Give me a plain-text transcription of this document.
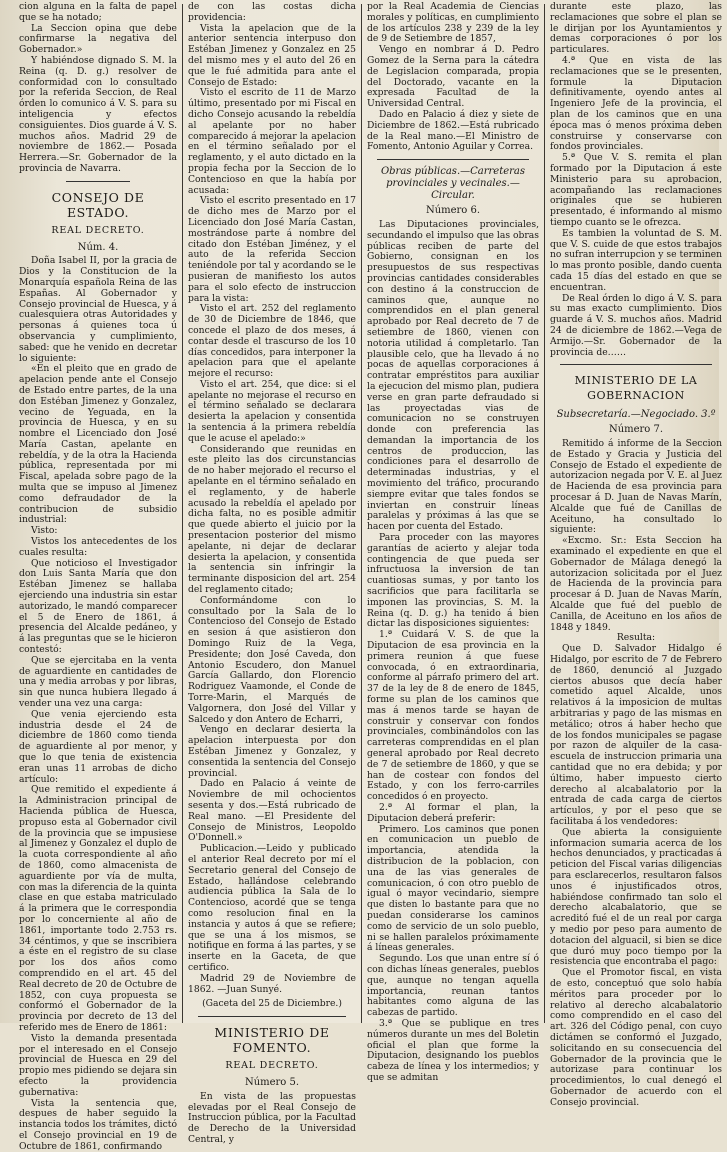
cion alguna en la falta de papel que se ha notado;

La Seccion opina que debe confirmarse la negativa del Gobernador.»

Y habiéndose dignado S. M. la Reina (q. D. g.) resolver de conformidad con lo consultado por la referida Seccion, de Real órden lo comunico á V. S. para su inteligencia y efectos consiguientes. Dios guarde á V. S. muchos años. Madrid 29 de noviembre de 1862.— Posada Herrera.—Sr. Gobernador de la provincia de Navarra.

CONSEJO DE ESTADO.
REAL DECRETO.
Núm. 4.

Doña Isabel II, por la gracia de Dios y la Constitucion de la Monarquía española Reina de las Españas. Al Gobernador y Consejo provincial de Huesca, y á cualesquiera otras Autoridades y personas á quienes toca ú observancia y cumplimiento, sabed: que he venido en decretar lo siguiente:

«En el pleito que en grado de apelacion pende ante el Consejo de Estado entre partes, de la una don Estéban Jimenez y Gonzalez, vecino de Yeguada, en la provincia de Huesca, y en su nombre el Licenciado don José María Castan, apelante en rebeldía, y de la otra la Hacienda pública, representada por mi Fiscal, apelada sobre pago de la multa que se impuso al Jimenez como defraudador de la contribucion de subsidio industrial:

Visto:

Vistos los antecedentes de los cuales resulta:

Que noticioso el Investigador don Luis Santa María que don Estéban Jimenez se hallaba ejerciendo una industria sin estar autorizado, le mandó comparecer el 5 de Enero de 1861, á presencia del Alcalde pedáneo, y á las preguntas que se le hicieron contestó:

Que se ejercitaba en la venta de aguardiente en cantidades de una y media arrobas y por libras, sin que nunca hubiera llegado á vender una vez una carga:

Que venia ejerciendo esta industria desde el 24 de diciembre de 1860 como tienda de aguardiente al por menor, y que lo que tenia de existencia eran unas 11 arrobas de dicho artículo:

Que remitido el expediente á la Administracion principal de Hacienda pública de Huesca, propuso esta al Gobernador civil de la provincia que se impusiese al Jimenez y Gonzalez el duplo de la cuota correspondiente al año de 1860, como almacenista de aguardiente por vía de multa, con mas la diferencia de la quinta clase en que estaba matriculado á la primera que le correspondia por lo concerniente al año de 1861, importante todo 2.753 rs. 34 céntimos, y que se inscribiera a éste en el registro de su clase por los dos años como comprendido en el art. 45 del Real decreto de 20 de Octubre de 1852, con cuya propuesta se conformó el Gobernador de la provincia por decreto de 13 del referido mes de Enero de 1861:

Visto la demanda presentada por el interesado en el Consejo provincial de Huesca en 29 del propio mes pidiendo se dejara sin efecto la providencia gubernativa:

Vista la sentencia que, despues de haber seguido la instancia todos los trámites, dictó el Consejo provincial en 19 de Octubre de 1861, confirmando

de con las costas dicha providencia:

Vista la apelacion que de la anterior sentencia interpuso don Estéban Jimenez y Gonzalez en 25 del mismo mes y el auto del 26 en que le fué admitida para ante el Consejo de Estado:

Visto el escrito de 11 de Marzo último, presentado por mi Fiscal en dicho Consejo acusando la rebeldía al apelante por no haber comparecido á mejorar la apelacion en el término señalado por el reglamento, y el auto dictado en la propia fecha por la Seccion de lo Contencioso en que la había por acusada:

Visto el escrito presentado en 17 de dicho mes de Marzo por el Licenciado don José María Castan, mostrándose parte á nombre del citado don Estéban Jiménez, y el auto de la referida Seccion teniéndole por tal y acordando se le pusieran de manifiesto los autos para el solo efecto de instruccion para la vista:

Visto el art. 252 del reglamento de 30 de Diciembre de 1846, que concede el plazo de dos meses, á contar desde el trascurso de los 10 días concedidos, para interponer la apelacion para que el apelante mejore el recurso:

Visto el art. 254, que dice: si el apelante no mejorase el recurso en el término señalado se declarara desierta la apelacion y consentida la sentencia á la primera rebeldía que le acuse el apelado:»

Considerando que reunidas en este pleito las dos circunstancias de no haber mejorado el recurso el apelante en el término señalado en el reglamento, y de haberle acusado la rebeldía el apelado por dicha falta, no es posible admitir que quede abierto el juicio por la presentacion posterior del mismo apelante, ni dejar de declarar desierta la apelacion, y consentida la sentencia sin infringir la terminante disposicion del art. 254 del reglamento citado;

Conformándome con lo consultado por la Sala de lo Contencioso del Consejo de Estado en sesion á que asistieron don Domingo Ruiz de la Vega, Presidente; don José Caveda, don Antonio Escudero, don Manuel García Gallardo, don Florencio Rodriguez Vaamonde, el Conde de Torre-Marin, el Marqués de Valgornera, don José del Villar y Salcedo y don Antero de Echarri,

Vengo en declarar desierta la apelacion interpuesta por don Estéban Jimenez y Gonzalez, y consentida la sentencia del Consejo provincial.

Dado en Palacio á veinte de Noviembre de mil ochocientos sesenta y dos.—Está rubricado de Real mano. —El Presidente del Consejo de Ministros, Leopoldo O'Donnell.»

Publicacion.—Leido y publicado el anterior Real decreto por mí el Secretario general del Consejo de Estado, hallándose celebrando audiencia pública la Sala de lo Contencioso, acordé que se tenga como resolucion final en la instancia y autos á que se refiere; que se una á los mismos, se notifique en forma á las partes, y se inserte en la Gaceta, de que certifico.

Madrid 29 de Noviembre de 1862. —Juan Sunyé.

(Gaceta del 25 de Diciembre.)

MINISTERIO DE FOMENTO.
REAL DECRETO.
Número 5.

En vista de las propuestas elevadas por el Real Consejo de Instruccion pública, por la Facultad de Derecho de la Universidad Central, y

por la Real Academia de Ciencias morales y políticas, en cumplimiento de los artículos 238 y 239 de la ley de 9 de Setiembre de 1857,

Vengo en nombrar á D. Pedro Gomez de la Serna para la cátedra de Legislacion comparada, propia del Doctorado, vacante en la expresada Facultad de la Universidad Central.

Dado en Palacio á diez y siete de Diciembre de 1862.—Está rubricado de la Real mano.—El Ministro de Fomento, Antonio Aguilar y Correa.

Obras públicas.—Carreteras provinciales y vecinales.—Circular.
Número 6.

Las Diputaciones provinciales, secundando el impulso que las obras públicas reciben de parte del Gobierno, consignan en los presupuestos de sus respectivas provincias cantidades considerables con destino á la construccion de caminos que, aunque no comprendidos en el plan general aprobado por Real decreto de 7 de setiembre de 1860, vienen con notoria utilidad á completarlo. Tan plausible celo, que ha llevado á no pocas de aquellas corporaciones á contratar empréstitos para auxiliar la ejecucion del mismo plan, pudiera verse en gran parte defraudado si las proyectadas vias de comunicacion no se construyen donde con preferencia las demandan la importancia de los centros de produccion, las condiciones para el desarrollo de determinadas industrias, y el movimiento del tráfico, procurando siempre evitar que tales fondos se inviertan en construir líneas paralelas y próximas á las que se hacen por cuenta del Estado.

Para proceder con las mayores garantías de acierto y alejar toda contingencia de que pueda ser infructuosa la inversion de tan cuantiosas sumas, y por tanto los sacrificios que para facilitarla se imponen las provincias, S. M. la Reina (q. D. g.) ha tenido á bien dictar las disposiciones siguientes:

1.ª Cuidará V. S. de que la Diputacion de esa provincia en la primera reunion á que fuese convocada, ó en extraordinaria, conforme al párrafo primero del art. 37 de la ley de 8 de enero de 1845, forme su plan de los caminos que mas á menos tarde se hayan de construir y conservar con fondos provinciales, combinándolos con las carreteras comprendidas en el plan general aprobado por Real decreto de 7 de setiembre de 1860, y que se han de costear con fondos del Estado, y con los ferro-carriles concedidos ó en proyecto.

2.ª Al formar el plan, la Diputacion deberá preferir:

Primero. Los caminos que ponen en comunicacion un pueblo de importancia, atendida la distribucion de la poblacion, con una de las vias generales de comunicacion, ó con otro pueblo de igual ó mayor vecindario, siempre que disten lo bastante para que no puedan considerarse los caminos como de servicio de un solo pueblo, ni se hallen paralelos próximamente á líneas generales.

Segundo. Los que unan entre sí ó con dichas líneas generales, pueblos que, aunque no tengan aquella importancia, reunan tantos habitantes como alguna de las cabezas de partido.

3.ª Que se publique en tres números durante un mes del Boletin oficial el plan que forme la Diputacion, designando los pueblos cabeza de línea y los intermedios; y que se admitan

durante este plazo, las reclamaciones que sobre el plan se le dirijan por los Ayuntamientos y demas corporaciones ó por los particulares.

4.ª Que en vista de las reclamaciones que se le presenten, formule la Diputacion definitivamente, oyendo antes al Ingeniero Jefe de la provincia, el plan de los caminos que en una época mas ó menos próxima deben construirse y conservarse con fondos provinciales.

5.ª Que V. S. remita el plan formado por la Diputacion á este Ministerio para su aprobacion, acompañando las reclamaciones originales que se hubieren presentado, é informando al mismo tiempo cuanto se le ofrezca.

Es tambien la voluntad de S. M. que V. S. cuide de que estos trabajos no sufran interrupcion y se terminen lo mas pronto posible, dando cuenta cada 15 días del estado en que se encuentran.

De Real órden lo digo á V. S. para su mas exacto cumplimiento. Dios guarde á V. S. muchos años. Madrid 24 de diciembre de 1862.—Vega de Armijo.—Sr. Gobernador de la provincia de……

MINISTERIO DE LA GOBERNACION
Subsecretaría.—Negociado. 3.º
Número 7.

Remitido á informe de la Seccion de Estado y Gracia y Justicia del Consejo de Estado el expediente de autorizacion negada por V. E. al Juez de Hacienda de esa provincia para procesar á D. Juan de Navas Marín, Alcalde que fué de Canillas de Aceituno, ha consultado lo siguiente:

«Excmo. Sr.: Esta Seccion ha examinado el expediente en que el Gobernador de Málaga denegó la autorizacion solicitada por el Juez de Hacienda de la provincia para procesar á D. Juan de Navas Marín, Alcalde que fué del pueblo de Canilla, de Aceituno en los años de 1848 y 1849.

Resulta:

Que D. Salvador Hidalgo é Hidalgo, por escrito de 7 de Febrero de 1860, denunció al Juzgado ciertos abusos que decía haber cometido aquel Alcalde, unos relativos á la imposicion de multas arbitrarias y pago de las mismas en metálico; otros á haber hecho que de los fondos municipales se pagase por razon de alquiler de la casa-escuela de instruccion primaria una cantidad que no era debida; y por último, haber impuesto cierto derecho al alcabalatorio por la entrada de cada carga de ciertos artículos, y por el peso que se facilitaba á los vendedores:

Que abierta la consiguiente informacion sumaria acerca de los hechos denunciados, y practicadas á peticion del Fiscal varias diligencias para esclarecerlos, resultaron falsos unos é injustificados otros, habiéndose confirmado tan solo el derecho alcabalatorio, que se acreditó fué el de un real por carga y medio por peso para aumento de dotacion del alguacil, si bien se dice que duró muy poco tiempo por la resistencia que encontraba el pago:

Que el Promotor fiscal, en vista de esto, conceptuó que solo había méritos para proceder por lo relativo al derecho alcabalatorio como comprendido en el caso del art. 326 del Código penal, con cuyo dictámen se conformó el Juzgado, solicitando en su consecuencia del Gobernador de la provincia que le autorizase para continuar los procedimientos, lo cual denegó el Gobernador de acuerdo con el Consejo provincial.
